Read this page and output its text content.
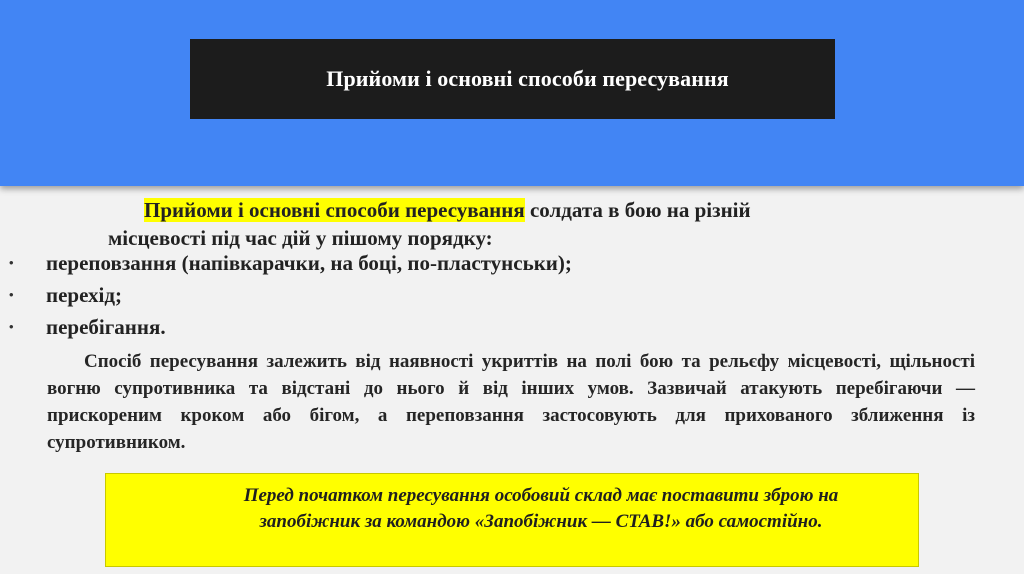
Прийоми і основні способи пересування
Прийоми і основні способи пересування солдата в бою на різній
місцевості під час дій у пішому порядку:
• переповзання (напівкарачки, на боці, по-пластунськи);
• перехід;
• перебігання.
Спосіб пересування залежить від наявності укриттів на полі бою та рельєфу місцевості, щільності вогню супротивника та відстані до нього й від інших умов. Зазвичай атакують перебігаючи — прискореним кроком або бігом, а переповзання застосовують для прихованого зближення із супротивником.
Перед початком пересування особовий склад має поставити зброю на запобіжник за командою «Запобіжник — СТАВ!» або самостійно.
